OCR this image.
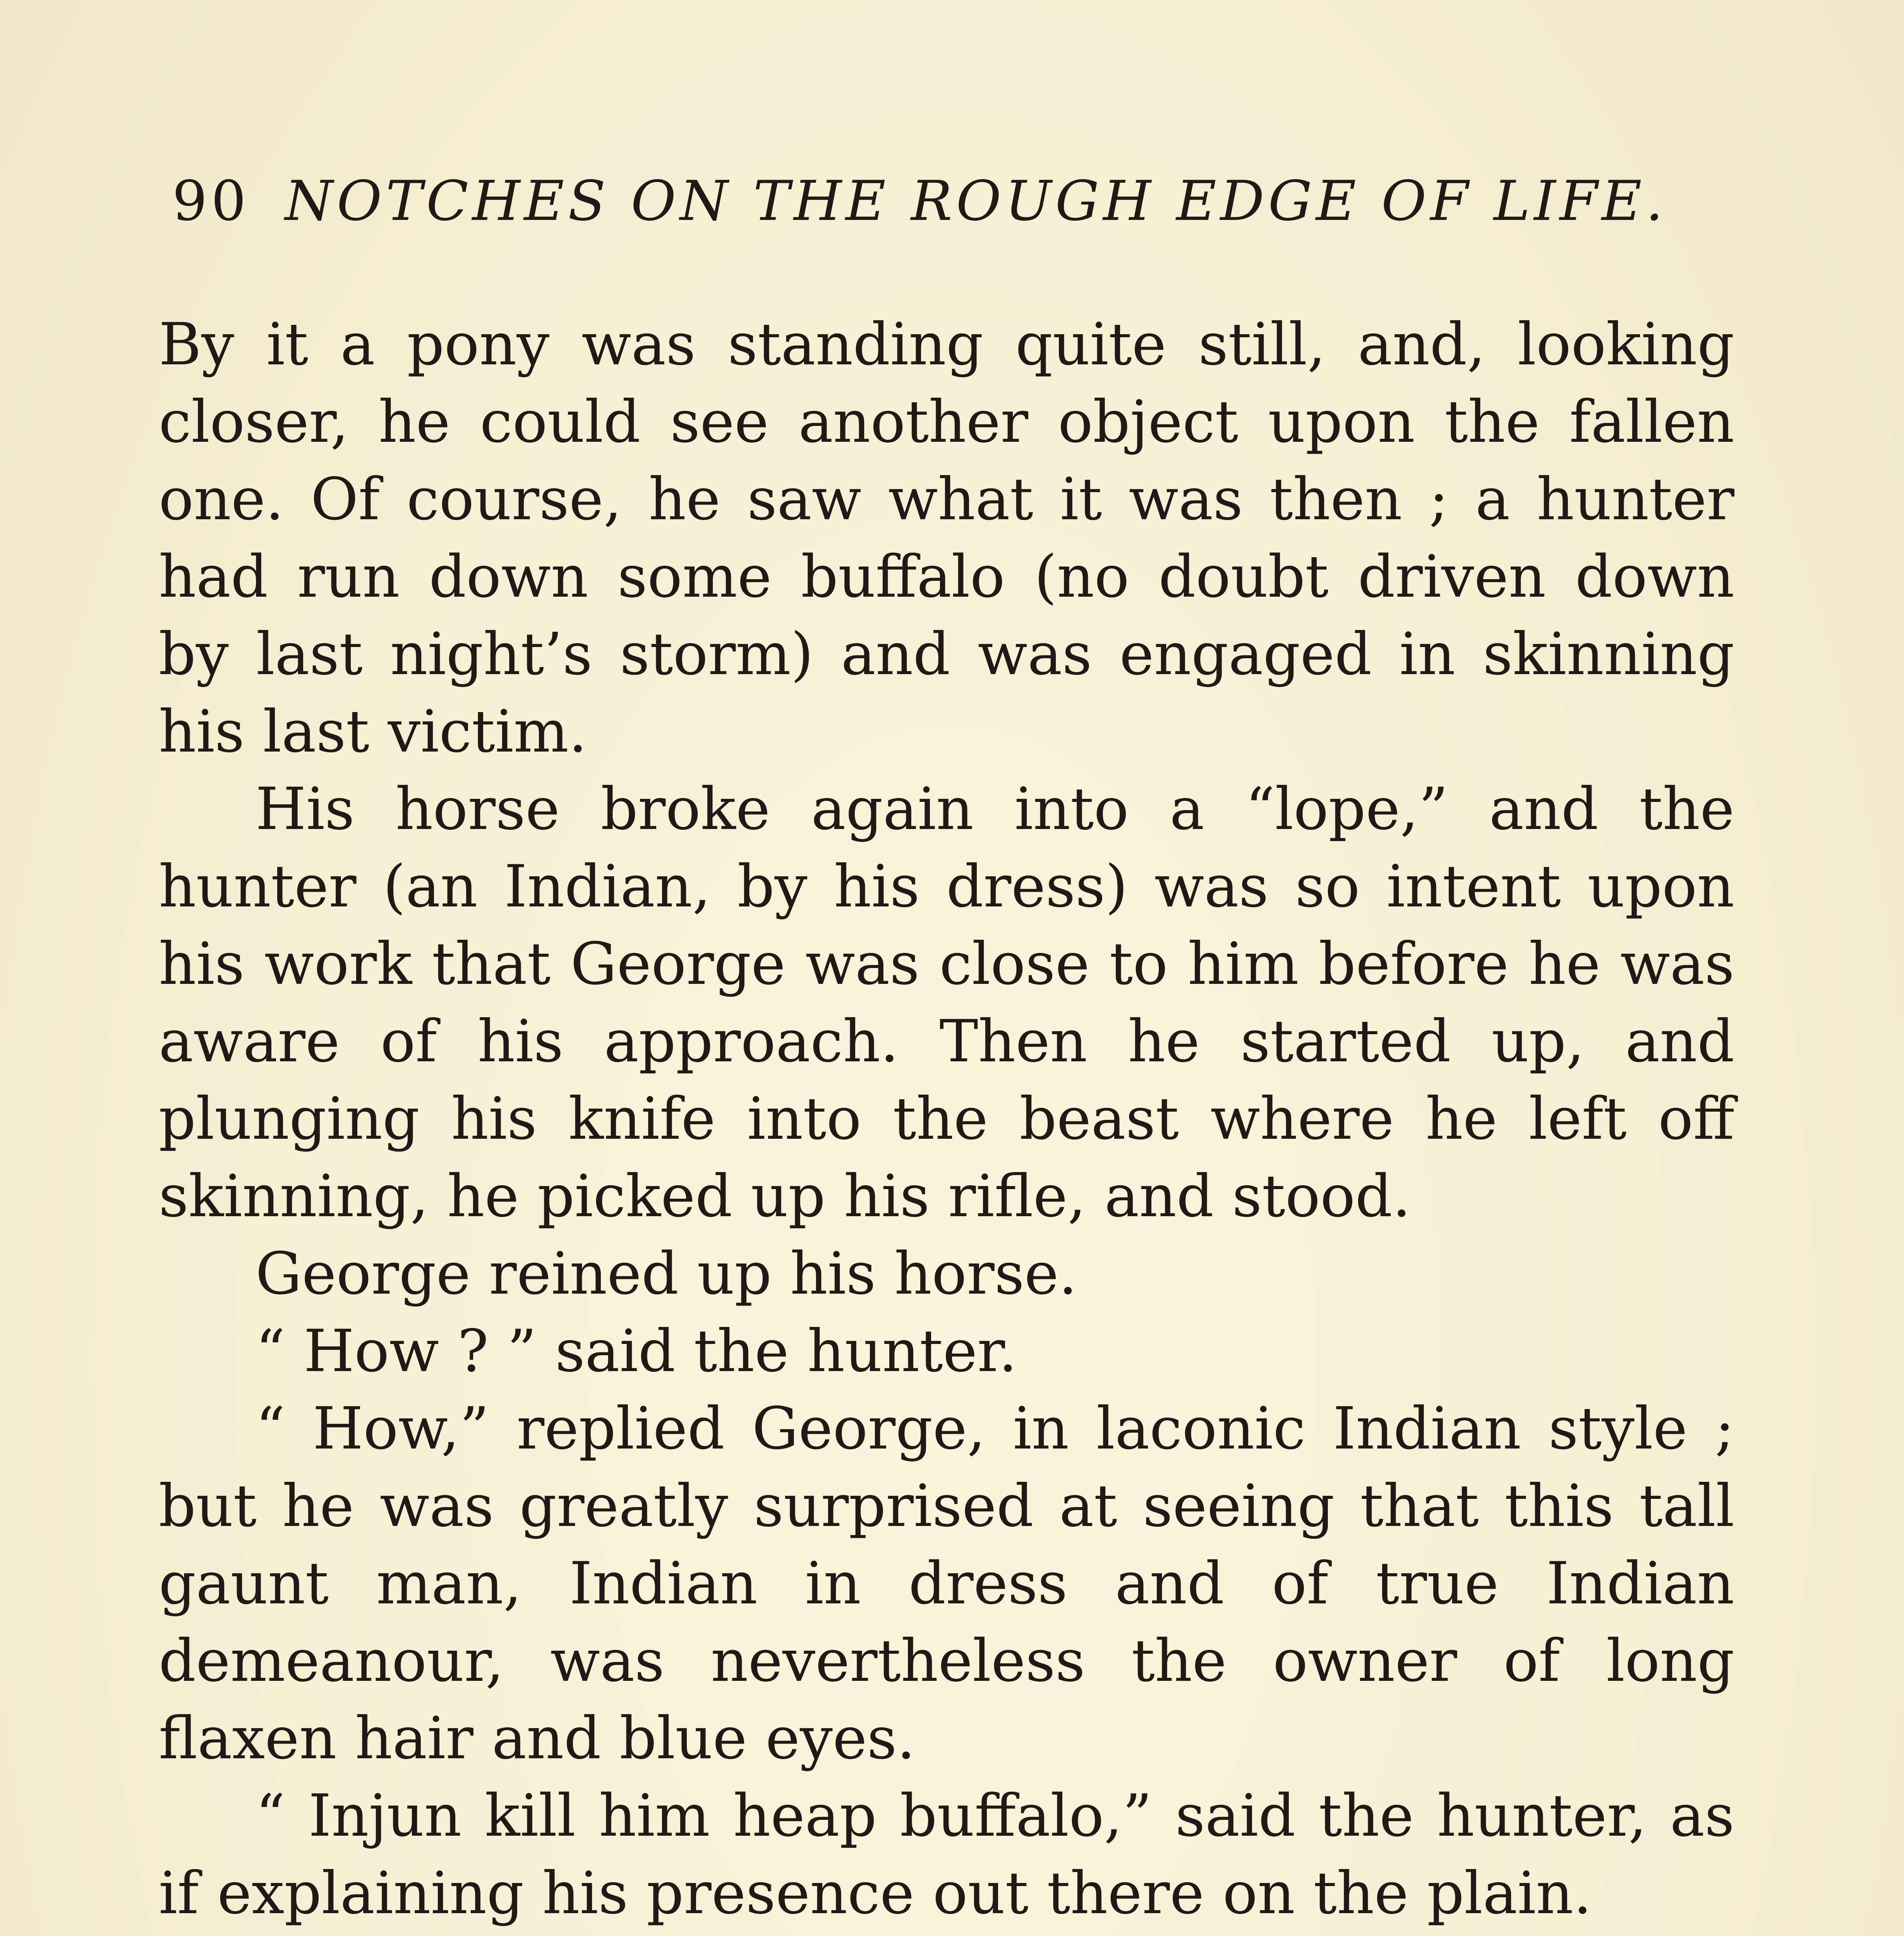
90 NOTCHES ON THE ROUGH EDGE OF LIFE.

By it a pony was standing quite still, and, looking closer, he could see another object upon the fallen one. Of course, he saw what it was then ; a hunter had run down some buffalo (no doubt driven down by last night’s storm) and was engaged in skinning his last victim.

His horse broke again into a “lope,” and the hunter (an Indian, by his dress) was so intent upon his work that George was close to him before he was aware of his approach. Then he started up, and plunging his knife into the beast where he left off skinning, he picked up his rifle, and stood.

George reined up his horse.

“ How ? ” said the hunter.

“ How,” replied George, in laconic Indian style ; but he was greatly surprised at seeing that this tall gaunt man, Indian in dress and of true Indian demeanour, was nevertheless the owner of long flaxen hair and blue eyes.

“ Injun kill him heap buffalo,” said the hunter, as if explaining his presence out there on the plain.
